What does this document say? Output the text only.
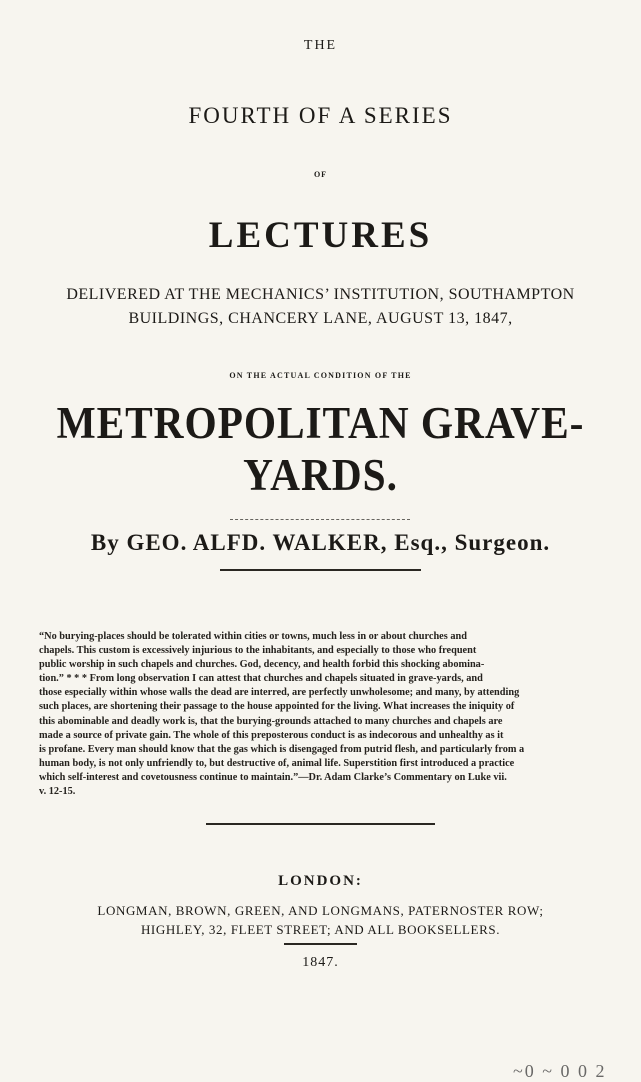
THE
FOURTH OF A SERIES
OF
LECTURES
DELIVERED AT THE MECHANICS’ INSTITUTION, SOUTHAMPTON
BUILDINGS, CHANCERY LANE, AUGUST 13, 1847,
ON THE ACTUAL CONDITION OF THE
METROPOLITAN GRAVE-YARDS.
By GEO. ALFD. WALKER, Esq., Surgeon.
“No burying-places should be tolerated within cities or towns, much less in or about churches and
chapels. This custom is excessively injurious to the inhabitants, and especially to those who frequent
public worship in such chapels and churches. God, decency, and health forbid this shocking abomina-
tion.” * * * From long observation I can attest that churches and chapels situated in grave-yards, and
those especially within whose walls the dead are interred, are perfectly unwholesome; and many, by attending
such places, are shortening their passage to the house appointed for the living. What increases the iniquity of
this abominable and deadly work is, that the burying-grounds attached to many churches and chapels are
made a source of private gain. The whole of this preposterous conduct is as indecorous and unhealthy as it
is profane. Every man should know that the gas which is disengaged from putrid flesh, and particularly from a
human body, is not only unfriendly to, but destructive of, animal life. Superstition first introduced a practice
which self-interest and covetousness continue to maintain.”—Dr. Adam Clarke’s Commentary on Luke vii.
v. 12-15.
LONDON:
LONGMAN, BROWN, GREEN, AND LONGMANS, PATERNOSTER ROW;
HIGHLEY, 32, FLEET STREET; AND ALL BOOKSELLERS.
1847.
~0 ~ 0 0 2
